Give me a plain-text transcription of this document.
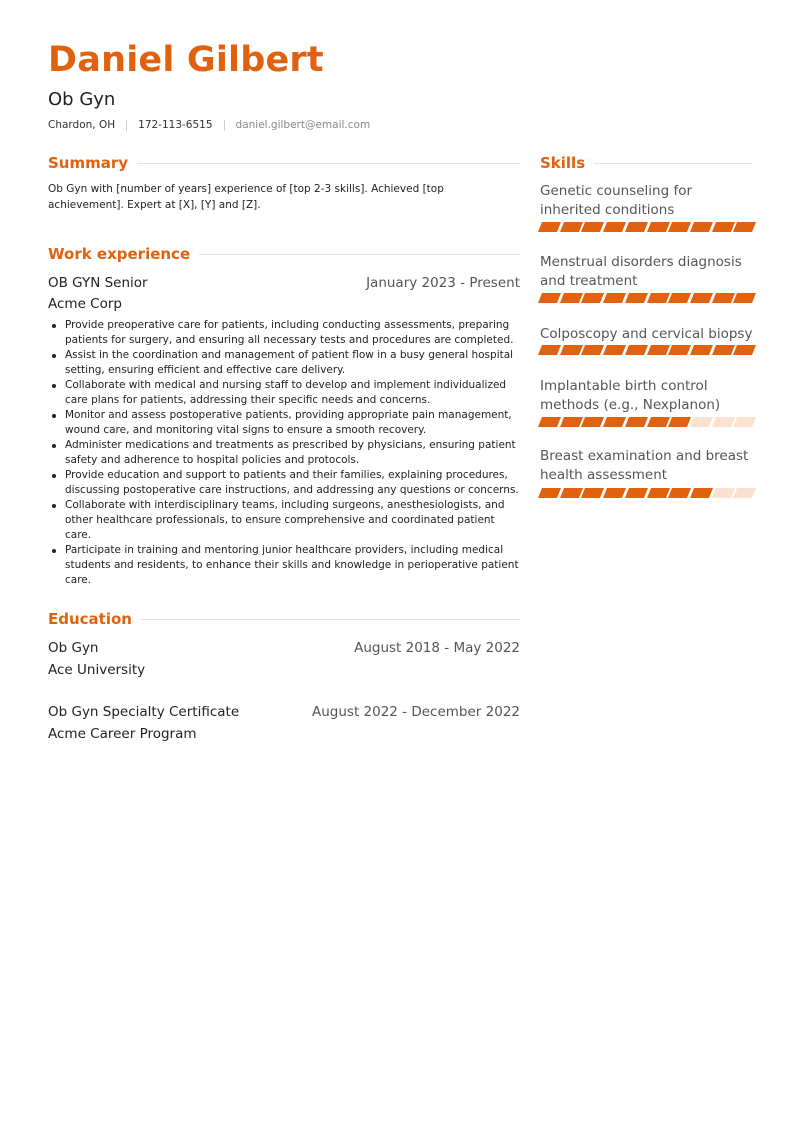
Daniel Gilbert
Ob Gyn
Chardon, OH 172-113-6515 daniel.gilbert@email.com
Summary
Ob Gyn with [number of years] experience of [top 2-3 skills]. Achieved [top achievement]. Expert at [X], [Y] and [Z].
Work experience
OB GYN Senior	January 2023 - Present
Acme Corp
Provide preoperative care for patients, including conducting assessments, preparing patients for surgery, and ensuring all necessary tests and procedures are completed.
Assist in the coordination and management of patient flow in a busy general hospital setting, ensuring efficient and effective care delivery.
Collaborate with medical and nursing staff to develop and implement individualized care plans for patients, addressing their specific needs and concerns.
Monitor and assess postoperative patients, providing appropriate pain management, wound care, and monitoring vital signs to ensure a smooth recovery.
Administer medications and treatments as prescribed by physicians, ensuring patient safety and adherence to hospital policies and protocols.
Provide education and support to patients and their families, explaining procedures, discussing postoperative care instructions, and addressing any questions or concerns.
Collaborate with interdisciplinary teams, including surgeons, anesthesiologists, and other healthcare professionals, to ensure comprehensive and coordinated patient care.
Participate in training and mentoring junior healthcare providers, including medical students and residents, to enhance their skills and knowledge in perioperative patient care.
Education
Ob Gyn	August 2018 - May 2022
Ace University
Ob Gyn Specialty Certificate	August 2022 - December 2022
Acme Career Program
Skills
Genetic counseling for inherited conditions
Menstrual disorders diagnosis and treatment
Colposcopy and cervical biopsy
Implantable birth control methods (e.g., Nexplanon)
Breast examination and breast health assessment
